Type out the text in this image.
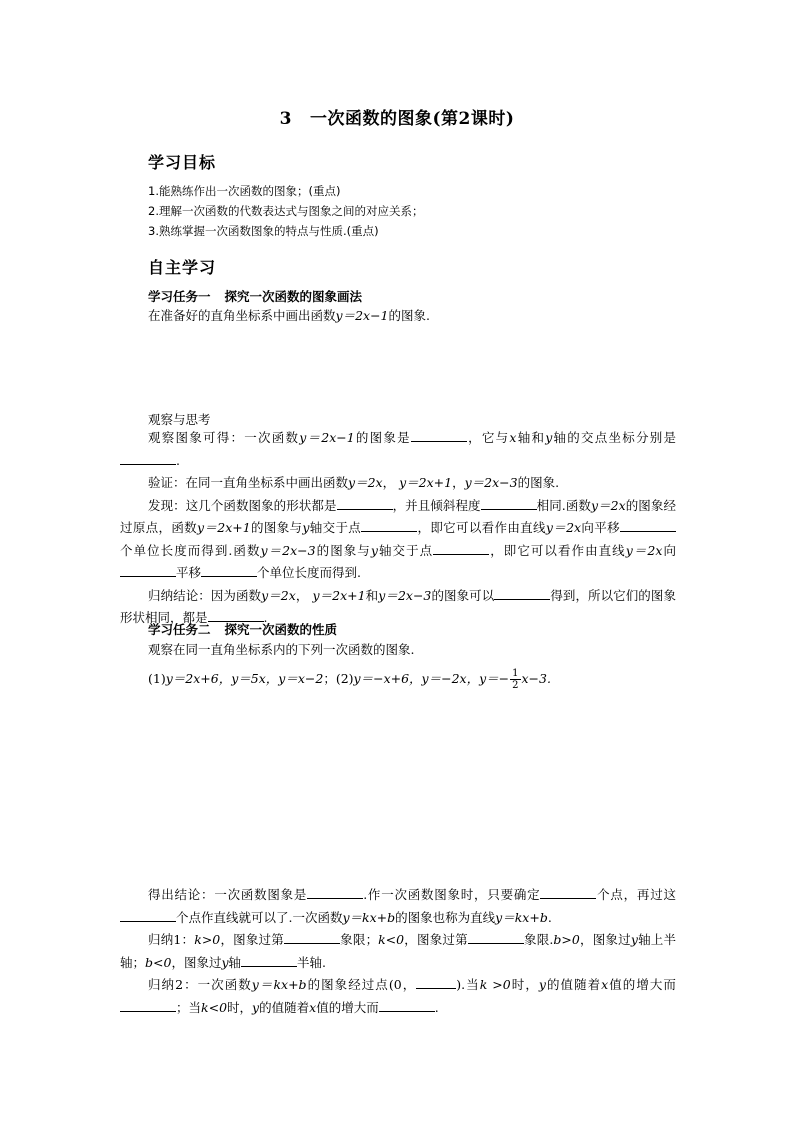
3 一次函数的图象(第2课时)
学习目标
1.能熟练作出一次函数的图象；(重点)
2.理解一次函数的代数表达式与图象之间的对应关系；
3.熟练掌握一次函数图象的特点与性质.(重点)
自主学习
学习任务一 探究一次函数的图象画法
在准备好的直角坐标系中画出函数y＝2x−1的图象.
观察与思考

观察图象可得：一次函数y＝2x−1的图象是	，它与x轴和y轴的交点坐标分别是.

验证：在同一直角坐标系中画出函数y＝2x， y＝2x+1，y＝2x−3的图象.

发现：这几个函数图象的形状都是	，并且倾斜程度	相同.函数y＝2x的图象经过原点，函数y＝2x+1的图象与y轴交于点	，即它可以看作由直线y＝2x向平移个单位长度而得到.函数y＝2x−3的图象与y轴交于点	，即它可以看作由直线y＝2x向平移	个单位长度而得到.

归纳结论：因为函数y＝2x， y＝2x+1和y＝2x−3的图象可以	得到，所以它们的图象形状相同，都是	.

学习任务二 探究一次函数的性质
观察在同一直角坐标系内的下列一次函数的图象.
(1)y＝2x+6，y＝5x，y＝x−2；(2)y＝−x+6，y＝−2x，$y=- \frac{1}{2} x-3$.

得出结论：一次函数图象是	.作一次函数图象时，只要确定	个点，再过这个点作直线就可以了.一次函数y＝kx+b的图象也称为直线y＝kx+b.

归纳1：k>0，图象过第	象限；k<0，图象过第	象限.b>0，图象过y轴上半轴；b<0，图象过y轴	半轴.

归纳2：一次函数y＝kx+b的图象经过点(0，	).当k >0时，y的值随着x值的增大而；当k<0时，y的值随着x值的增大而	.
